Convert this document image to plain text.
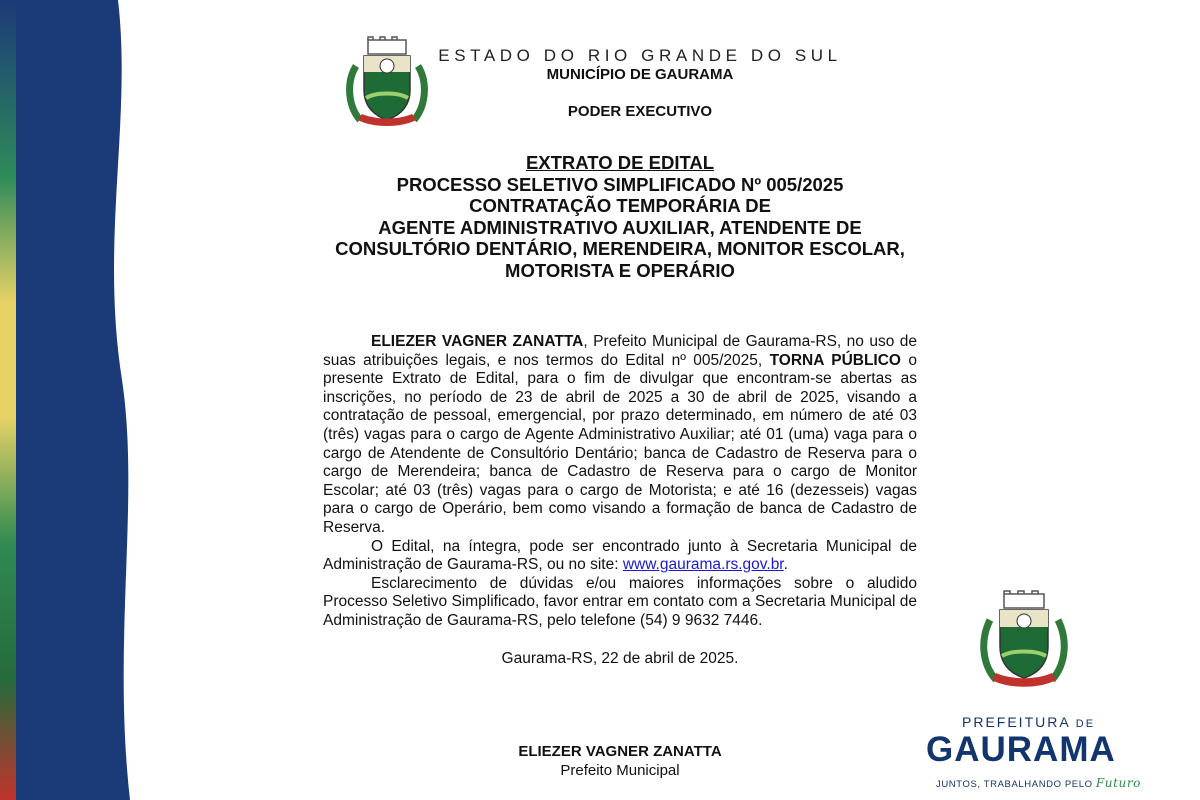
ESTADO DO RIO GRANDE DO SUL
MUNICÍPIO DE GAURAMA
PODER EXECUTIVO
EXTRATO DE EDITAL
PROCESSO SELETIVO SIMPLIFICADO Nº 005/2025
CONTRATAÇÃO TEMPORÁRIA DE
AGENTE ADMINISTRATIVO AUXILIAR, ATENDENTE DE
CONSULTÓRIO DENTÁRIO, MERENDEIRA, MONITOR ESCOLAR,
MOTORISTA E OPERÁRIO

ELIEZER VAGNER ZANATTA, Prefeito Municipal de Gaurama-RS, no uso de suas atribuições legais, e nos termos do Edital nº 005/2025, TORNA PÚBLICO o presente Extrato de Edital, para o fim de divulgar que encontram-se abertas as inscrições, no período de 23 de abril de 2025 a 30 de abril de 2025, visando a contratação de pessoal, emergencial, por prazo determinado, em número de até 03 (três) vagas para o cargo de Agente Administrativo Auxiliar; até 01 (uma) vaga para o cargo de Atendente de Consultório Dentário; banca de Cadastro de Reserva para o cargo de Merendeira; banca de Cadastro de Reserva para o cargo de Monitor Escolar; até 03 (três) vagas para o cargo de Motorista; e até 16 (dezesseis) vagas para o cargo de Operário, bem como visando a formação de banca de Cadastro de Reserva.

O Edital, na íntegra, pode ser encontrado junto à Secretaria Municipal de Administração de Gaurama-RS, ou no site: www.gaurama.rs.gov.br.

Esclarecimento de dúvidas e/ou maiores informações sobre o aludido Processo Seletivo Simplificado, favor entrar em contato com a Secretaria Municipal de Administração de Gaurama-RS, pelo telefone (54) 9 9632 7446.

Gaurama-RS, 22 de abril de 2025.
ELIEZER VAGNER ZANATTA
Prefeito Municipal
PREFEITURA DE
GAURAMA
JUNTOS, TRABALHANDO PELO Futuro
